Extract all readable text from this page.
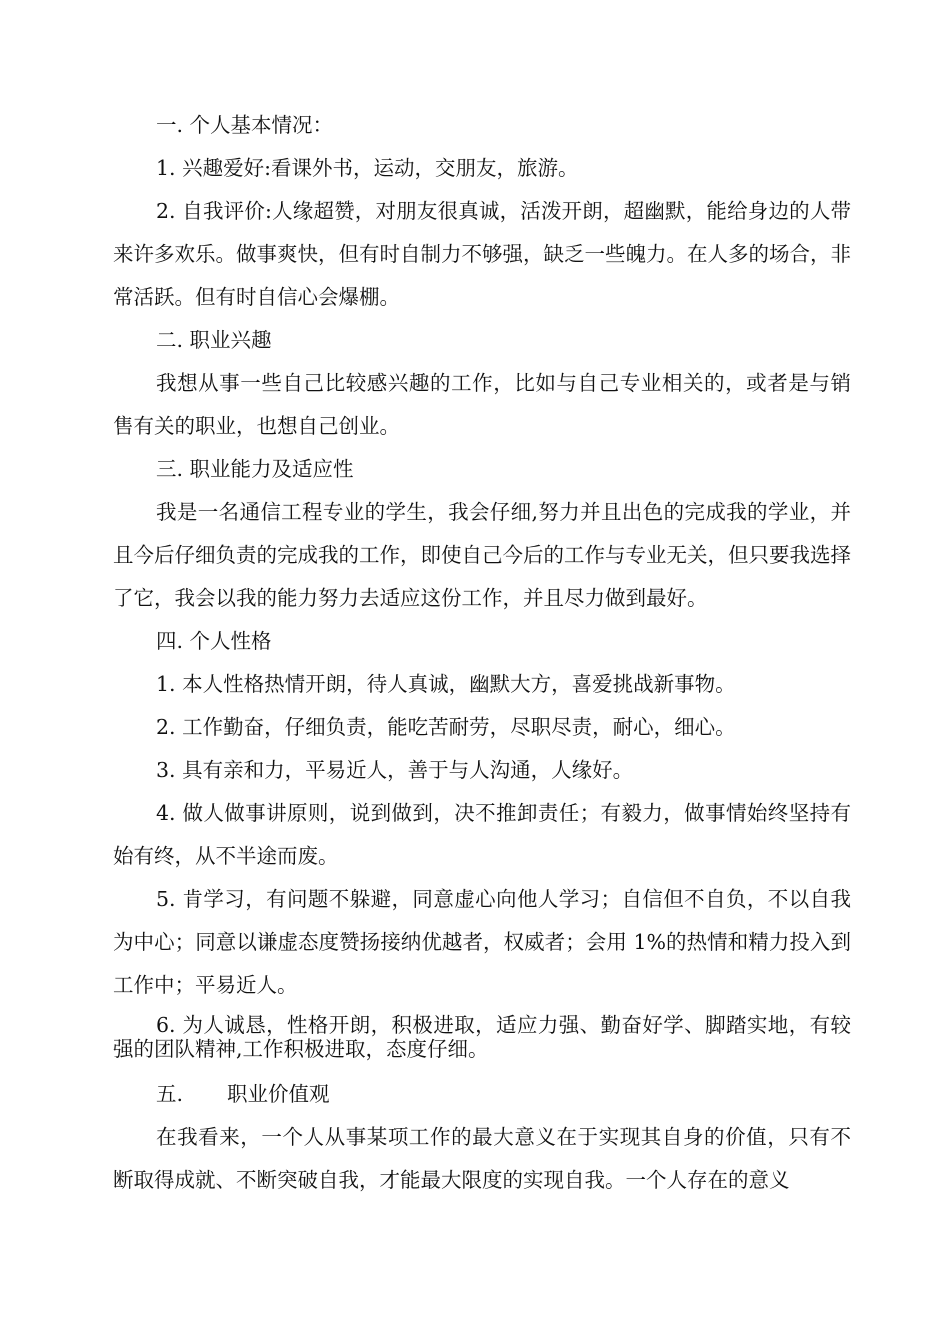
一. 个人基本情况：

1. 兴趣爱好:看课外书，运动，交朋友，旅游。

2. 自我评价:人缘超赞，对朋友很真诚，活泼开朗，超幽默，能给身边的人带来许多欢乐。做事爽快，但有时自制力不够强，缺乏一些魄力。在人多的场合，非常活跃。但有时自信心会爆棚。

二. 职业兴趣

我想从事一些自己比较感兴趣的工作，比如与自己专业相关的，或者是与销售有关的职业，也想自己创业。

三. 职业能力及适应性

我是一名通信工程专业的学生，我会仔细,努力并且出色的完成我的学业，并且今后仔细负责的完成我的工作，即使自己今后的工作与专业无关，但只要我选择了它，我会以我的能力努力去适应这份工作，并且尽力做到最好。

四. 个人性格

1. 本人性格热情开朗，待人真诚，幽默大方，喜爱挑战新事物。

2. 工作勤奋，仔细负责，能吃苦耐劳，尽职尽责，耐心，细心。

3. 具有亲和力，平易近人，善于与人沟通，人缘好。

4. 做人做事讲原则，说到做到，决不推卸责任；有毅力，做事情始终坚持有始有终，从不半途而废。

5. 肯学习，有问题不躲避，同意虚心向他人学习；自信但不自负，不以自我为中心；同意以谦虚态度赞扬接纳优越者，权威者；会用 1%的热情和精力投入到工作中；平易近人。

6. 为人诚恳，性格开朗，积极进取，适应力强、勤奋好学、脚踏实地，有较强的团队精神,工作积极进取，态度仔细。

五. 职业价值观

在我看来，一个人从事某项工作的最大意义在于实现其自身的价值，只有不断取得成就、不断突破自我，才能最大限度的实现自我。一个人存在的意义
